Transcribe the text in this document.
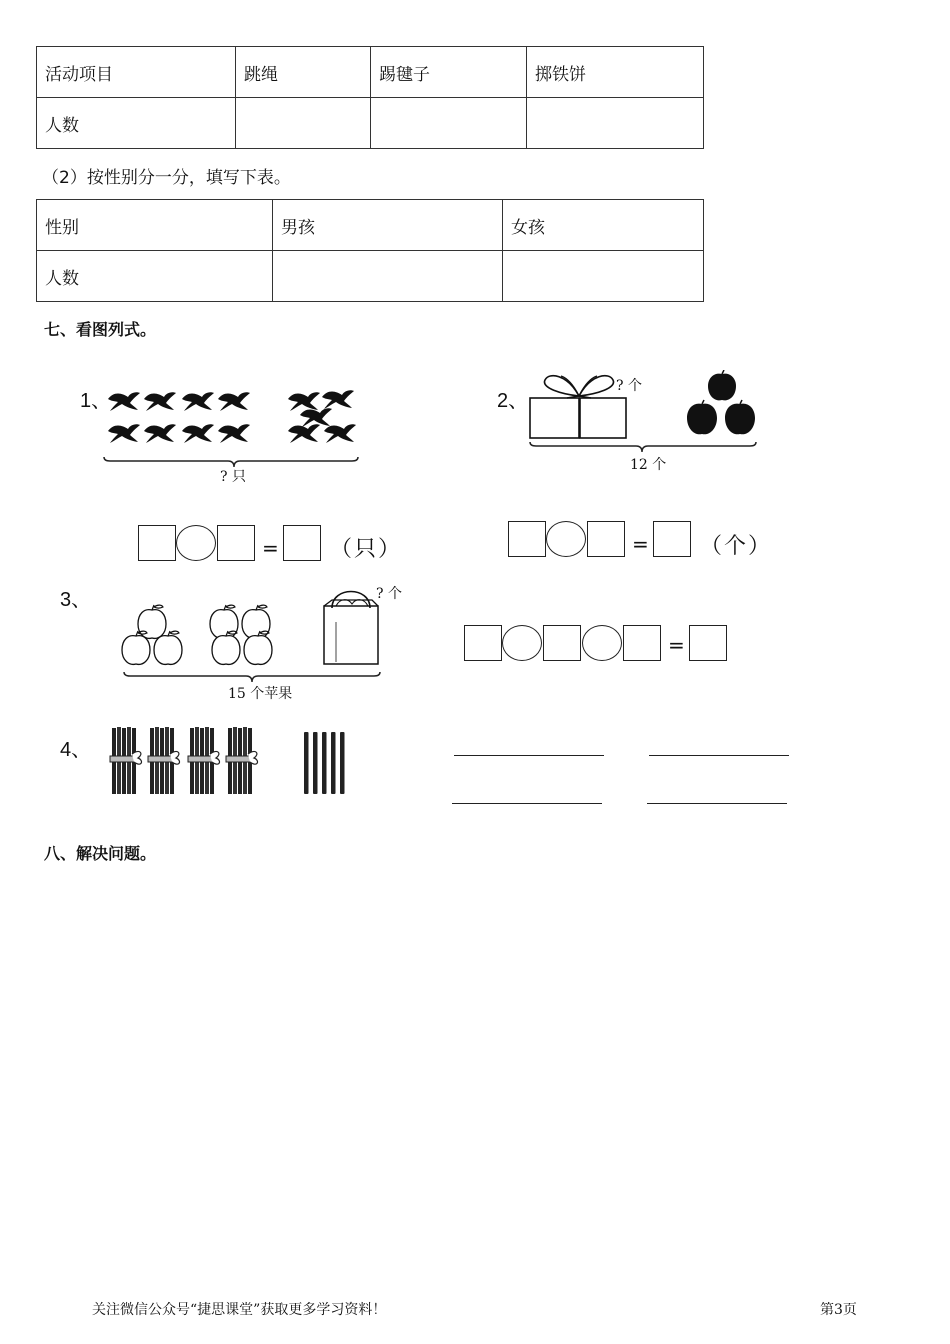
活动项目	跳绳	踢毽子	掷铁饼
人数			
（2）按性别分一分，填写下表。
性别	男孩	女孩
人数		
七、看图列式。
1、
? 只
= （只）
2、
? 个
12 个
= （个）
3、	? 个
15 个苹果
=
4、
八、解决问题。
关注微信公众号“捷思课堂”获取更多学习资料！	第3页
